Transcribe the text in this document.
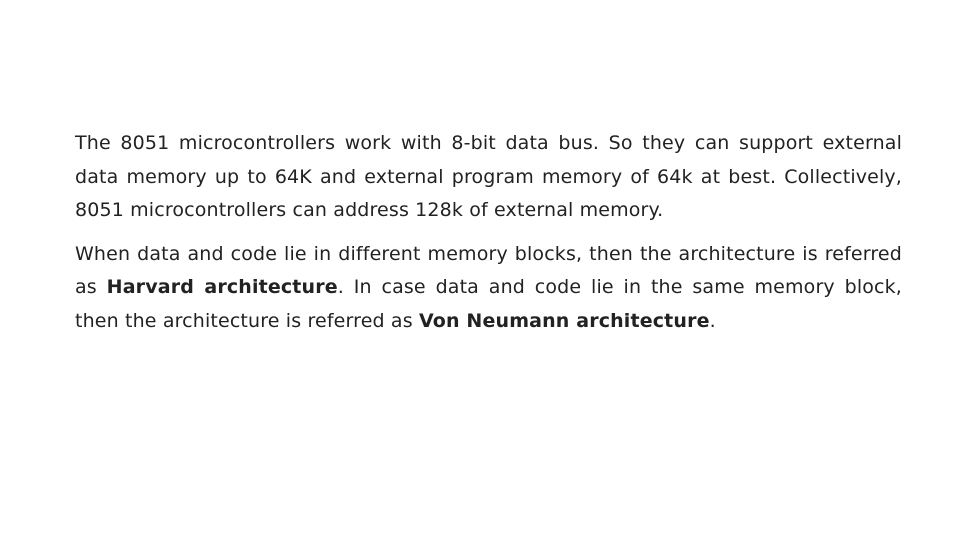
The 8051 microcontrollers work with 8-bit data bus. So they can support external data memory up to 64K and external program memory of 64k at best. Collectively, 8051 microcontrollers can address 128k of external memory.

When data and code lie in different memory blocks, then the architecture is referred as Harvard architecture. In case data and code lie in the same memory block, then the architecture is referred as Von Neumann architecture.
